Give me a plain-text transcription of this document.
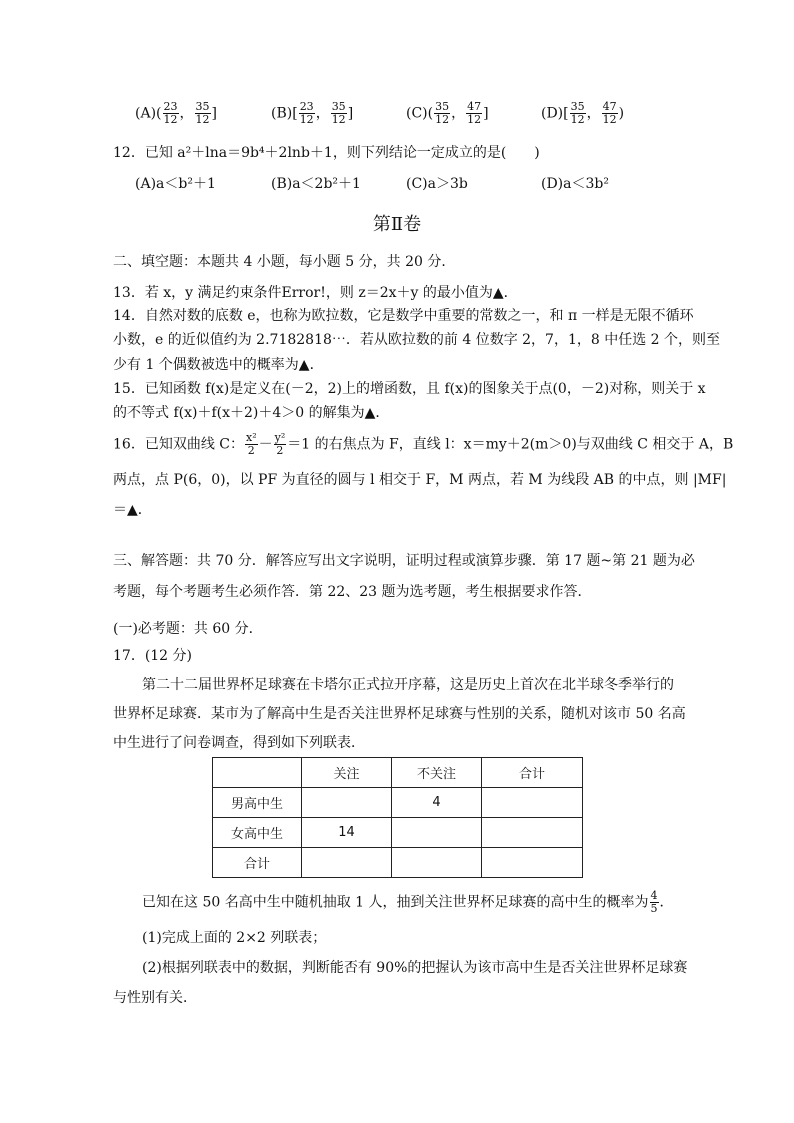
$(A)( \frac{23}{12}$ ， $\frac{35}{12}$ ]	$(B)[ \frac{23}{12}$ ， $\frac{35}{12}$ ]	$(C)( \frac{35}{12}$ ， $\frac{47}{12}$ ]	$(D)[ \frac{35}{12}$ ， $\frac{47}{12}$ )
12．已知 a²＋lna＝9b⁴＋2lnb＋1，则下列结论一定成立的是(　　)
(A)a＜b²＋1	(B)a＜2b²＋1	(C)a＞3b	(D)a＜3b²
第Ⅱ卷
二、填空题：本题共 4 小题，每小题 5 分，共 20 分．
13．若 x，y 满足约束条件Error!，则 z＝2x＋y 的最小值为▲．
14．自然对数的底数 e，也称为欧拉数，它是数学中重要的常数之一，和 π 一样是无限不循环
小数，e 的近似值约为 2.7182818⋯．若从欧拉数的前 4 位数字 2，7，1，8 中任选 2 个，则至
少有 1 个偶数被选中的概率为▲．
15．已知函数 f(x)是定义在(－2，2)上的增函数，且 f(x)的图象关于点(0，－2)对称，则关于 x
的不等式 f(x)＋f(x＋2)＋4＞0 的解集为▲．
16．已知双曲线 C： $\frac{\text{x²}}{2} - \frac{\text{y²}}{2} =1$ 的右焦点为 F，直线 l：x＝my＋2(m＞0)与双曲线 C 相交于 A，B
两点，点 P(6，0)，以 PF 为直径的圆与 l 相交于 F，M 两点，若 M 为线段 AB 的中点，则 |MF|
＝▲．
三、解答题：共 70 分．解答应写出文字说明，证明过程或演算步骤．第 17 题~第 21 题为必
考题，每个考题考生必须作答．第 22、23 题为选考题，考生根据要求作答．
(一)必考题：共 60 分．
17．(12 分)
第二十二届世界杯足球赛在卡塔尔正式拉开序幕，这是历史上首次在北半球冬季举行的
世界杯足球赛．某市为了解高中生是否关注世界杯足球赛与性别的关系，随机对该市 50 名高
中生进行了问卷调查，得到如下列联表．
	关注	不关注	合计
男高中生		4	
女高中生	14		
合计			
已知在这 50 名高中生中随机抽取 1 人，抽到关注世界杯足球赛的高中生的概率为 $\frac{4}{5}$ ．
(1)完成上面的 2×2 列联表；
(2)根据列联表中的数据，判断能否有 90%的把握认为该市高中生是否关注世界杯足球赛
与性别有关．
